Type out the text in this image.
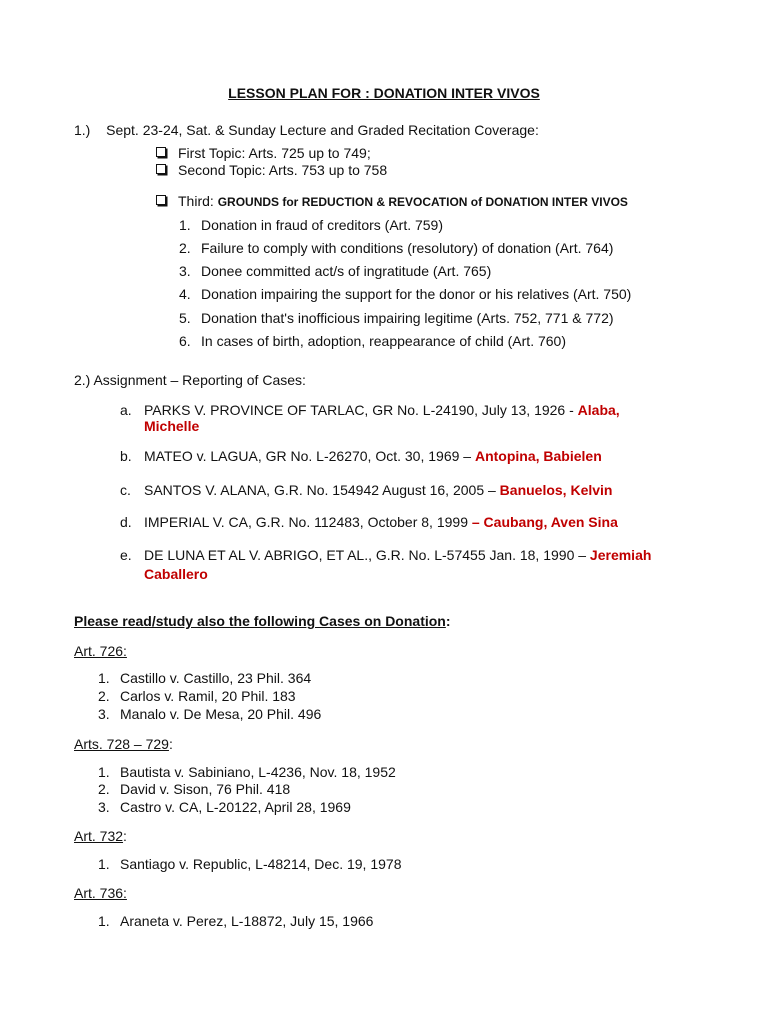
LESSON PLAN FOR : DONATION INTER VIVOS
1.) Sept. 23-24, Sat. & Sunday Lecture and Graded Recitation Coverage:
First Topic: Arts. 725 up to 749;
Second Topic: Arts. 753 up to 758
Third: GROUNDS for REDUCTION & REVOCATION of DONATION INTER VIVOS
1. Donation in fraud of creditors (Art. 759)
2. Failure to comply with conditions (resolutory) of donation (Art. 764)
3. Donee committed act/s of ingratitude (Art. 765)
4. Donation impairing the support for the donor or his relatives (Art. 750)
5. Donation that's inofficious impairing legitime (Arts. 752, 771 & 772)
6. In cases of birth, adoption, reappearance of child (Art. 760)
2.) Assignment – Reporting of Cases:
a. PARKS V. PROVINCE OF TARLAC, GR No. L-24190, July 13, 1926 - Alaba,
Michelle
b. MATEO v. LAGUA, GR No. L-26270, Oct. 30, 1969 – Antopina, Babielen
c. SANTOS V. ALANA, G.R. No. 154942 August 16, 2005 – Banuelos, Kelvin
d. IMPERIAL V. CA, G.R. No. 112483, October 8, 1999 – Caubang, Aven Sina
e. DE LUNA ET AL V. ABRIGO, ET AL., G.R. No. L-57455 Jan. 18, 1990 – Jeremiah
Caballero
Please read/study also the following Cases on Donation:
Art. 726:
1. Castillo v. Castillo, 23 Phil. 364
2. Carlos v. Ramil, 20 Phil. 183
3. Manalo v. De Mesa, 20 Phil. 496
Arts. 728 – 729:
1. Bautista v. Sabiniano, L-4236, Nov. 18, 1952
2. David v. Sison, 76 Phil. 418
3. Castro v. CA, L-20122, April 28, 1969
Art. 732:
1. Santiago v. Republic, L-48214, Dec. 19, 1978
Art. 736:
1. Araneta v. Perez, L-18872, July 15, 1966
